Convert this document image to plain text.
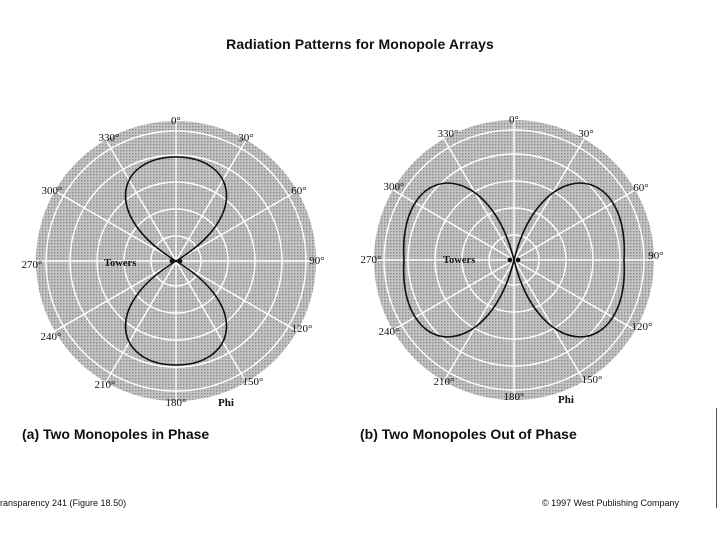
Radiation Patterns for Monopole Arrays
0°
30°
60°
90°
120°
150°
180°
210°
240°
270°
300°
330°
Towers
Phi
0°
30°
60°
90°
120°
150°
180°
210°
240°
270°
300°
330°
Towers
Phi
(a) Two Monopoles in Phase	(b) Two Monopoles Out of Phase
ransparency 241 (Figure 18.50)	© 1997 West Publishing Company
